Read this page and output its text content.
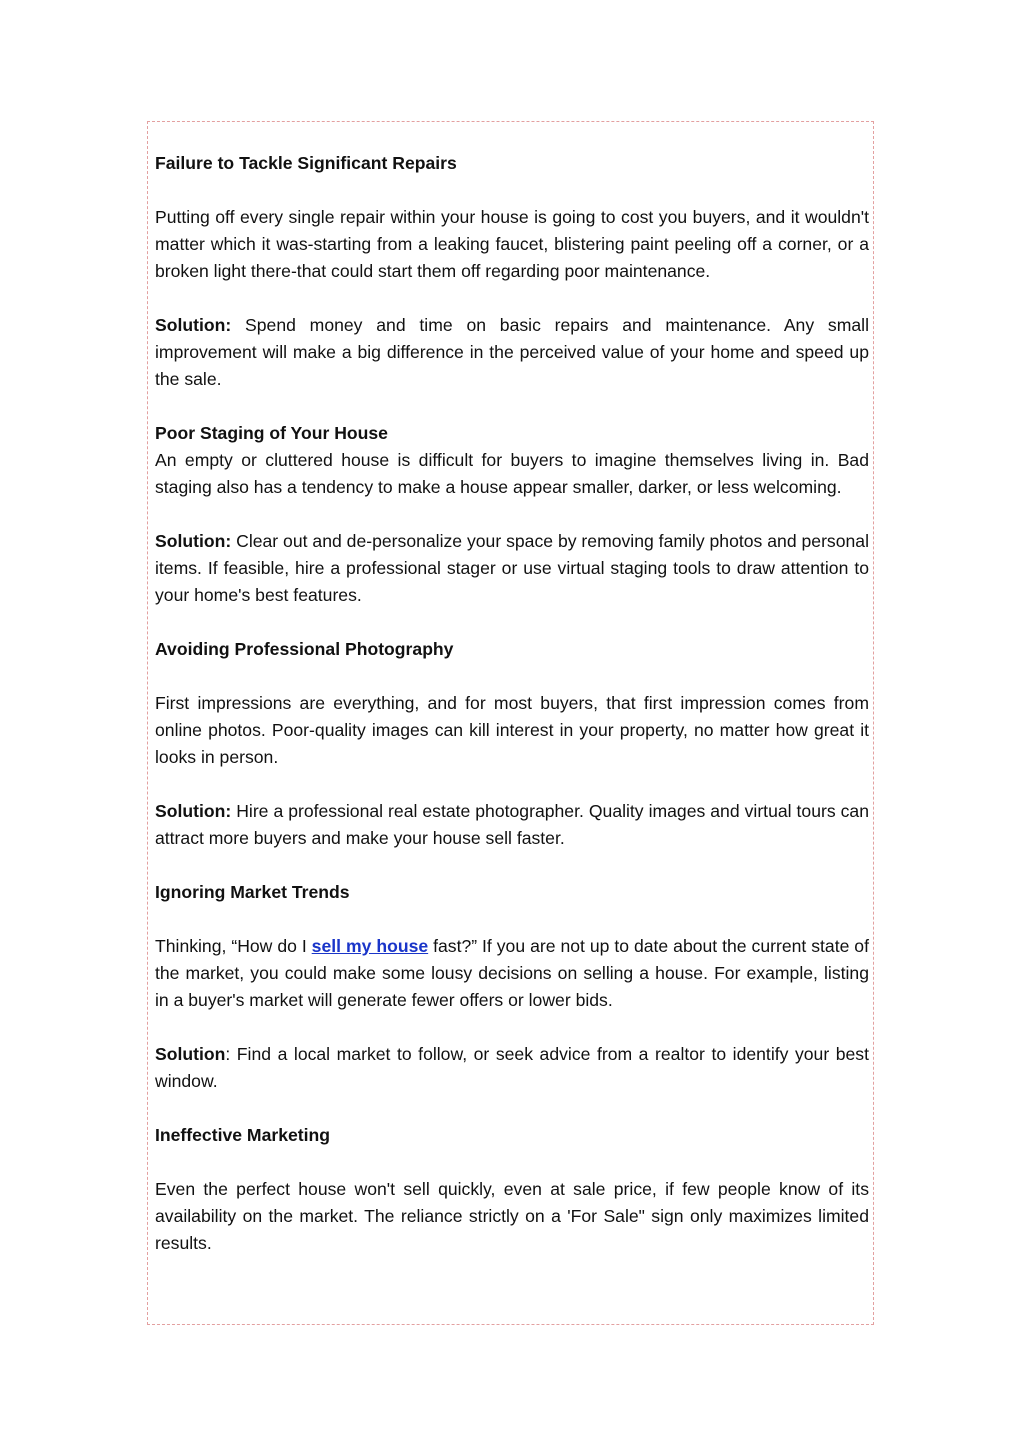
Failure to Tackle Significant Repairs

Putting off every single repair within your house is going to cost you buyers, and it wouldn't matter which it was-starting from a leaking faucet, blistering paint peeling off a corner, or a broken light there-that could start them off regarding poor maintenance.

Solution: Spend money and time on basic repairs and maintenance. Any small improvement will make a big difference in the perceived value of your home and speed up the sale.

Poor Staging of Your House

An empty or cluttered house is difficult for buyers to imagine themselves living in. Bad staging also has a tendency to make a house appear smaller, darker, or less welcoming.

Solution: Clear out and de-personalize your space by removing family photos and personal items. If feasible, hire a professional stager or use virtual staging tools to draw attention to your home's best features.

Avoiding Professional Photography

First impressions are everything, and for most buyers, that first impression comes from online photos. Poor-quality images can kill interest in your property, no matter how great it looks in person.

Solution: Hire a professional real estate photographer. Quality images and virtual tours can attract more buyers and make your house sell faster.

Ignoring Market Trends

Thinking, “How do I sell my house fast?” If you are not up to date about the current state of the market, you could make some lousy decisions on selling a house. For example, listing in a buyer's market will generate fewer offers or lower bids.

Solution: Find a local market to follow, or seek advice from a realtor to identify your best window.

Ineffective Marketing

Even the perfect house won't sell quickly, even at sale price, if few people know of its availability on the market. The reliance strictly on a 'For Sale" sign only maximizes limited results.
